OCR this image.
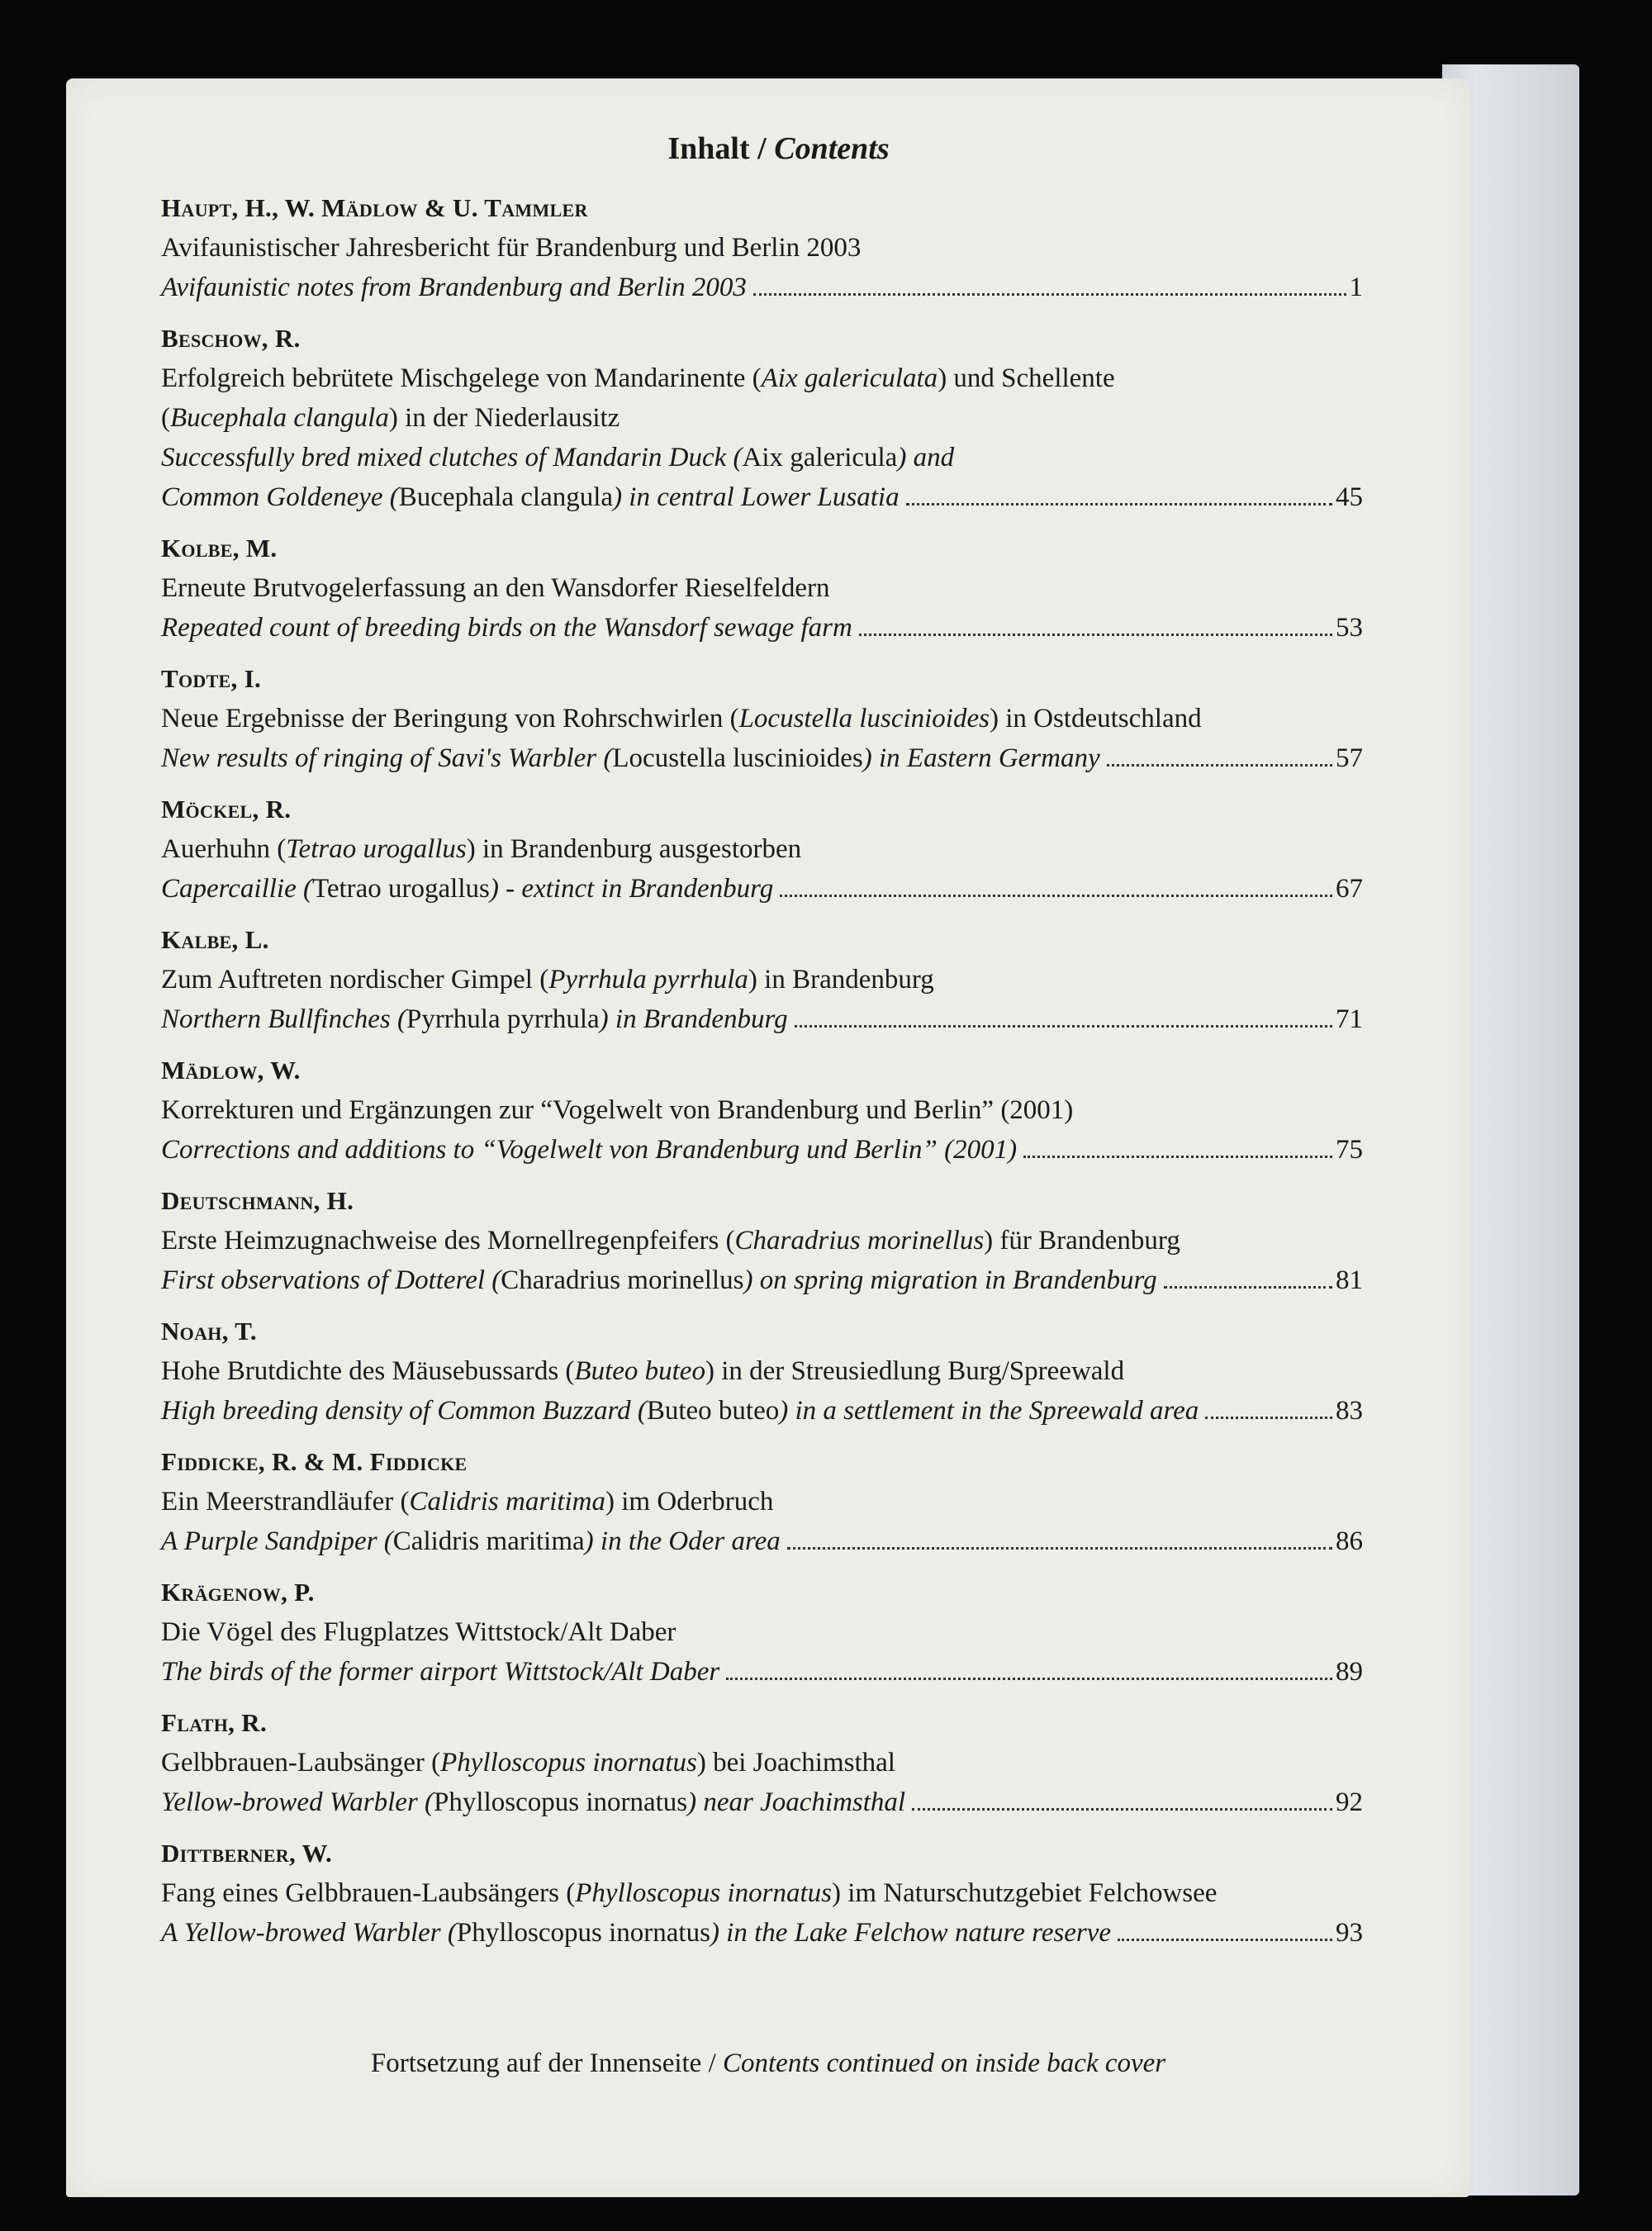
Inhalt / Contents
Haupt, H., W. Mädlow & U. Tammler
Avifaunistischer Jahresbericht für Brandenburg und Berlin 2003
Avifaunistic notes from Brandenburg and Berlin 2003	1
Beschow, R.
Erfolgreich bebrütete Mischgelege von Mandarinente (Aix galericulata) und Schellente
(Bucephala clangula) in der Niederlausitz
Successfully bred mixed clutches of Mandarin Duck (Aix galericula) and
Common Goldeneye (Bucephala clangula) in central Lower Lusatia	45
Kolbe, M.
Erneute Brutvogelerfassung an den Wansdorfer Rieselfeldern
Repeated count of breeding birds on the Wansdorf sewage farm	53
Todte, I.
Neue Ergebnisse der Beringung von Rohrschwirlen (Locustella luscinioides) in Ostdeutschland
New results of ringing of Savi's Warbler (Locustella luscinioides) in Eastern Germany	57
Möckel, R.
Auerhuhn (Tetrao urogallus) in Brandenburg ausgestorben
Capercaillie (Tetrao urogallus) - extinct in Brandenburg	67
Kalbe, L.
Zum Auftreten nordischer Gimpel (Pyrrhula pyrrhula) in Brandenburg
Northern Bullfinches (Pyrrhula pyrrhula) in Brandenburg	71
Mädlow, W.
Korrekturen und Ergänzungen zur “Vogelwelt von Brandenburg und Berlin” (2001)
Corrections and additions to “Vogelwelt von Brandenburg und Berlin” (2001)	75
Deutschmann, H.
Erste Heimzugnachweise des Mornellregenpfeifers (Charadrius morinellus) für Brandenburg
First observations of Dotterel (Charadrius morinellus) on spring migration in Brandenburg	81
Noah, T.
Hohe Brutdichte des Mäusebussards (Buteo buteo) in der Streusiedlung Burg/Spreewald
High breeding density of Common Buzzard (Buteo buteo) in a settlement in the Spreewald area	83
Fiddicke, R. & M. Fiddicke
Ein Meerstrandläufer (Calidris maritima) im Oderbruch
A Purple Sandpiper (Calidris maritima) in the Oder area	86
Krägenow, P.
Die Vögel des Flugplatzes Wittstock/Alt Daber
The birds of the former airport Wittstock/Alt Daber	89
Flath, R.
Gelbbrauen-Laubsänger (Phylloscopus inornatus) bei Joachimsthal
Yellow-browed Warbler (Phylloscopus inornatus) near Joachimsthal	92
Dittberner, W.
Fang eines Gelbbrauen-Laubsängers (Phylloscopus inornatus) im Naturschutzgebiet Felchowsee
A Yellow-browed Warbler (Phylloscopus inornatus) in the Lake Felchow nature reserve	93
Fortsetzung auf der Innenseite / Contents continued on inside back cover
